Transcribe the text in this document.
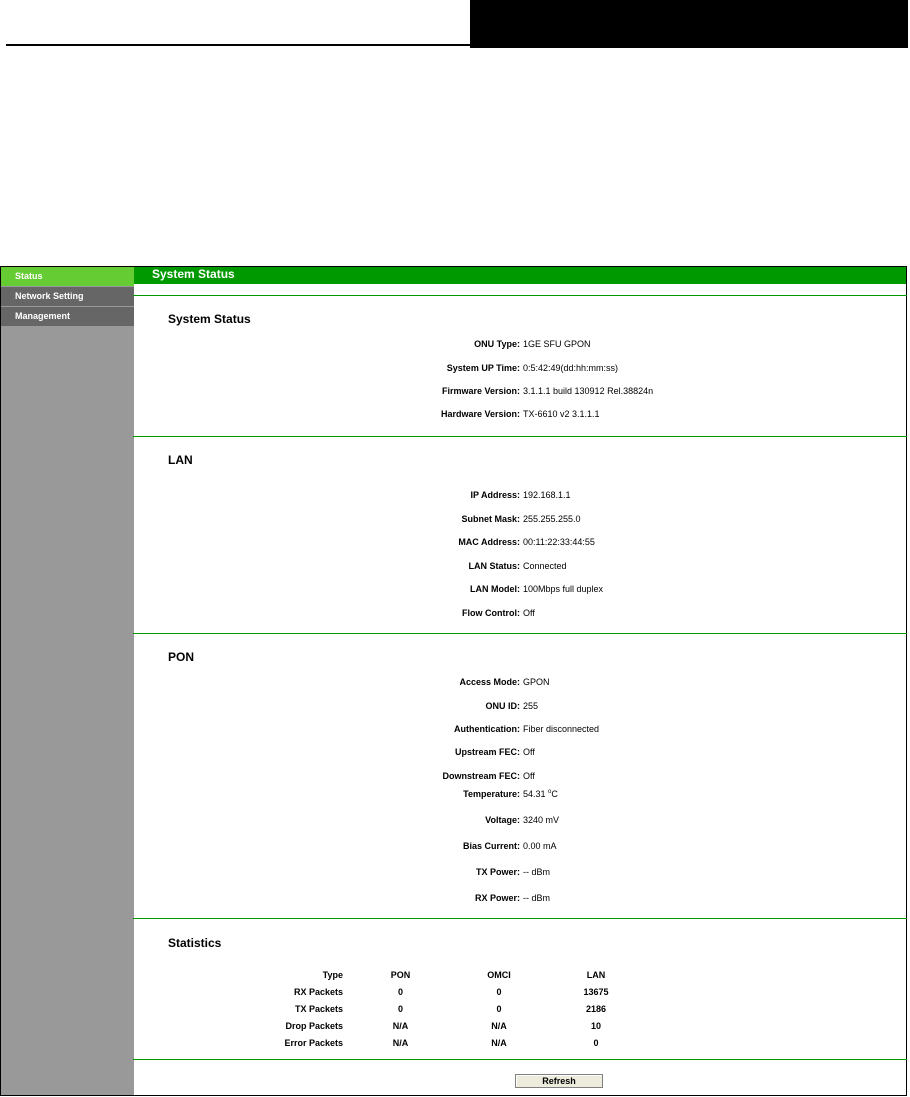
Status
Network Setting
Management
System Status
System Status
ONU Type: 1GE SFU GPON
System UP Time: 0:5:42:49(dd:hh:mm:ss)
Firmware Version: 3.1.1.1 build 130912 Rel.38824n
Hardware Version: TX-6610 v2 3.1.1.1
LAN
IP Address: 192.168.1.1
Subnet Mask: 255.255.255.0
MAC Address: 00:11:22:33:44:55
LAN Status: Connected
LAN Model: 100Mbps full duplex
Flow Control: Off
PON
Access Mode: GPON
ONU ID: 255
Authentication: Fiber disconnected
Upstream FEC: Off
Downstream FEC: Off
Temperature: 54.31 $^o$C
Voltage: 3240 mV
Bias Current: 0.00 mA
TX Power: -- dBm
RX Power: -- dBm
Statistics
Type	PON	OMCI	LAN
RX Packets	0	0	13675
TX Packets	0	0	2186
Drop Packets	N/A	N/A	10
Error Packets	N/A	N/A	0
Refresh
